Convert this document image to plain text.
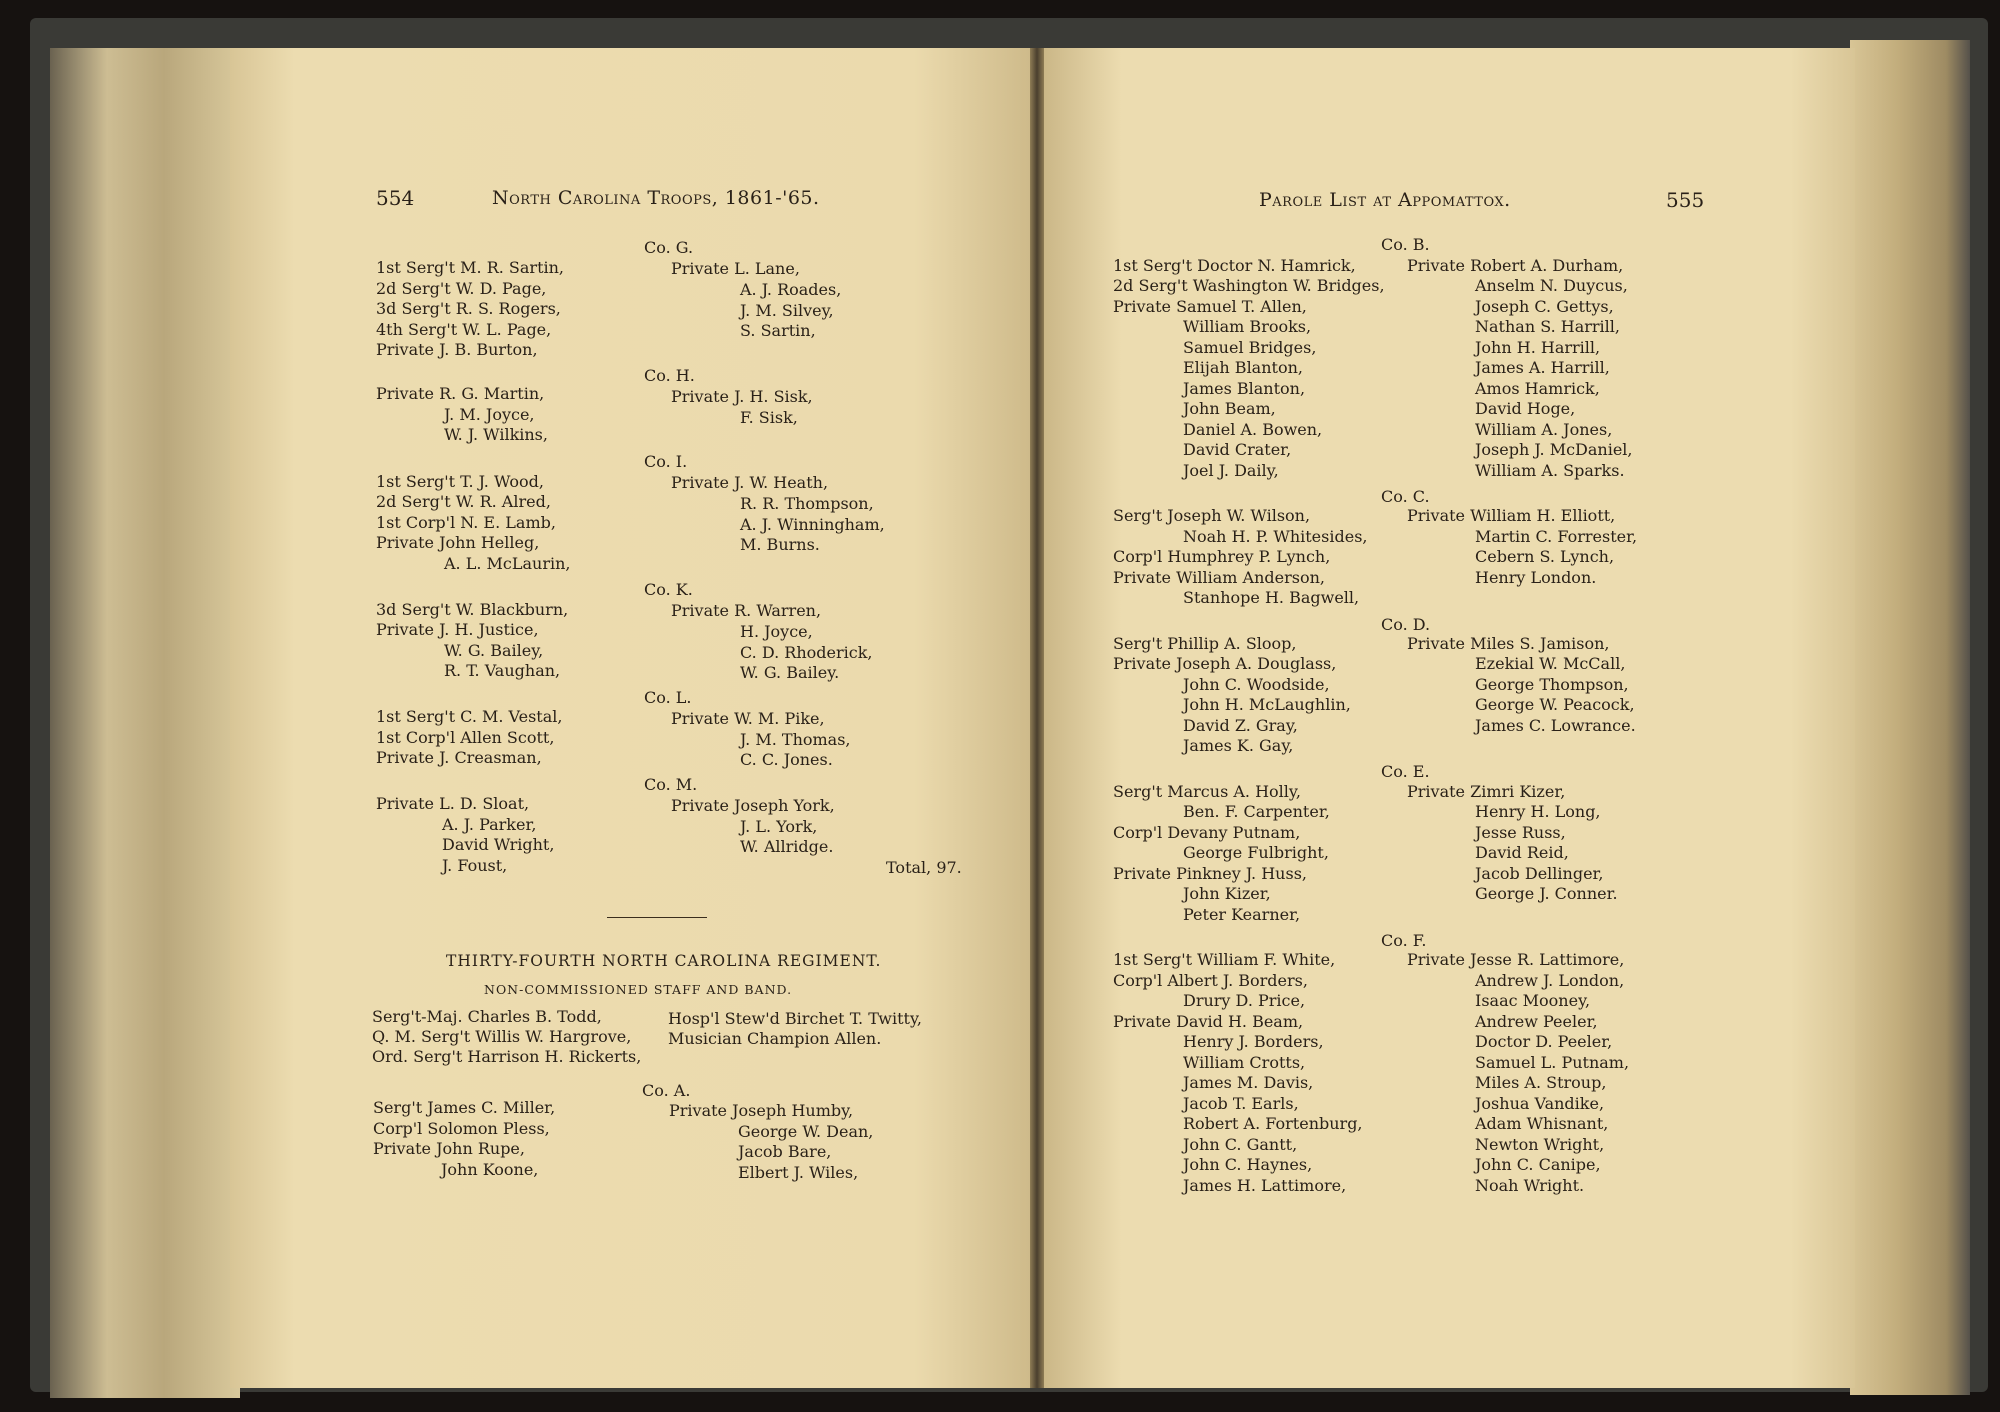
554	North Carolina Troops, 1861-'65.
1st Serg't M. R. Sartin,
2d Serg't W. D. Page,
3d Serg't R. S. Rogers,
4th Serg't W. L. Page,
Private J. B. Burton,
Private R. G. Martin,
J. M. Joyce,
W. J. Wilkins,
1st Serg't T. J. Wood,
2d Serg't W. R. Alred,
1st Corp'l N. E. Lamb,
Private John Helleg,
A. L. McLaurin,
3d Serg't W. Blackburn,
Private J. H. Justice,
W. G. Bailey,
R. T. Vaughan,
1st Serg't C. M. Vestal,
1st Corp'l Allen Scott,
Private J. Creasman,
Private L. D. Sloat,
A. J. Parker,
David Wright,
J. Foust,
Co. G.
Private L. Lane,
A. J. Roades,
J. M. Silvey,
S. Sartin,
Co. H.
Private J. H. Sisk,
F. Sisk,
Co. I.
Private J. W. Heath,
R. R. Thompson,
A. J. Winningham,
M. Burns.
Co. K.
Private R. Warren,
H. Joyce,
C. D. Rhoderick,
W. G. Bailey.
Co. L.
Private W. M. Pike,
J. M. Thomas,
C. C. Jones.
Co. M.
Private Joseph York,
J. L. York,
W. Allridge.
Total, 97.
THIRTY-FOURTH NORTH CAROLINA REGIMENT.
NON-COMMISSIONED STAFF AND BAND.
Serg't-Maj. Charles B. Todd,
Q. M. Serg't Willis W. Hargrove,
Ord. Serg't Harrison H. Rickerts,
Hosp'l Stew'd Birchet T. Twitty,
Musician Champion Allen.
Co. A.
Serg't James C. Miller,
Corp'l Solomon Pless,
Private John Rupe,
John Koone,
Private Joseph Humby,
George W. Dean,
Jacob Bare,
Elbert J. Wiles,
Parole List at Appomattox.	555
Co. B.
Co. C.
Co. D.
Co. E.
Co. F.
1st Serg't Doctor N. Hamrick,
2d Serg't Washington W. Bridges,
Private Samuel T. Allen,
William Brooks,
Samuel Bridges,
Elijah Blanton,
James Blanton,
John Beam,
Daniel A. Bowen,
David Crater,
Joel J. Daily,
Serg't Joseph W. Wilson,
Noah H. P. Whitesides,
Corp'l Humphrey P. Lynch,
Private William Anderson,
Stanhope H. Bagwell,
Serg't Phillip A. Sloop,
Private Joseph A. Douglass,
John C. Woodside,
John H. McLaughlin,
David Z. Gray,
James K. Gay,
Serg't Marcus A. Holly,
Ben. F. Carpenter,
Corp'l Devany Putnam,
George Fulbright,
Private Pinkney J. Huss,
John Kizer,
Peter Kearner,
1st Serg't William F. White,
Corp'l Albert J. Borders,
Drury D. Price,
Private David H. Beam,
Henry J. Borders,
William Crotts,
James M. Davis,
Jacob T. Earls,
Robert A. Fortenburg,
John C. Gantt,
John C. Haynes,
James H. Lattimore,
Private Robert A. Durham,
Anselm N. Duycus,
Joseph C. Gettys,
Nathan S. Harrill,
John H. Harrill,
James A. Harrill,
Amos Hamrick,
David Hoge,
William A. Jones,
Joseph J. McDaniel,
William A. Sparks.
Private William H. Elliott,
Martin C. Forrester,
Cebern S. Lynch,
Henry London.
Private Miles S. Jamison,
Ezekial W. McCall,
George Thompson,
George W. Peacock,
James C. Lowrance.
Private Zimri Kizer,
Henry H. Long,
Jesse Russ,
David Reid,
Jacob Dellinger,
George J. Conner.
Private Jesse R. Lattimore,
Andrew J. London,
Isaac Mooney,
Andrew Peeler,
Doctor D. Peeler,
Samuel L. Putnam,
Miles A. Stroup,
Joshua Vandike,
Adam Whisnant,
Newton Wright,
John C. Canipe,
Noah Wright.
